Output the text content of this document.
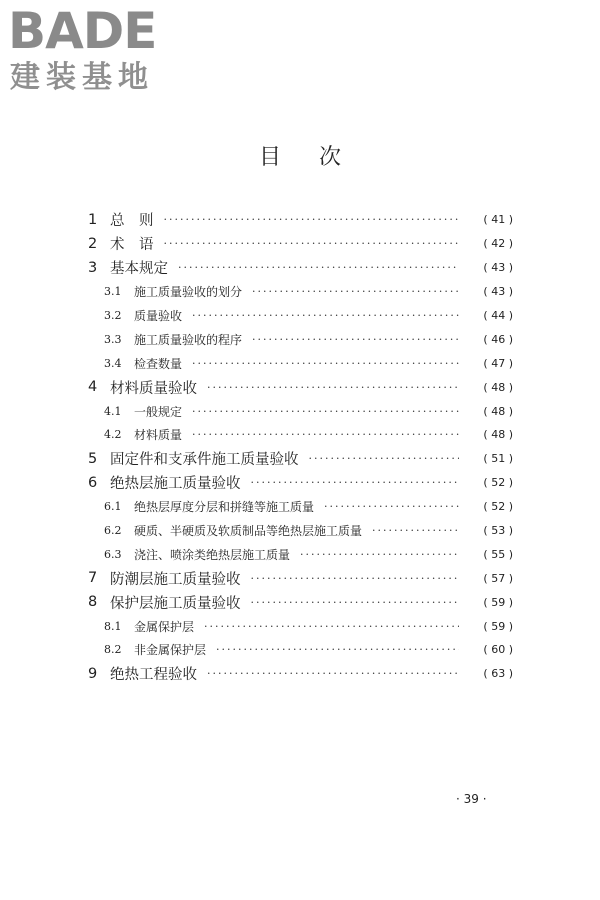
BADE
建装基地
目次
1 总　则 ·····	( 41 )
2 术　语 ·····	( 42 )
3 基本规定 ·····	( 43 )
3.1 施工质量验收的划分 ·····	( 43 )
3.2 质量验收 ·····	( 44 )
3.3 施工质量验收的程序 ·····	( 46 )
3.4 检查数量 ·····	( 47 )
4 材料质量验收 ·····	( 48 )
4.1 一般规定 ·····	( 48 )
4.2 材料质量 ·····	( 48 )
5 固定件和支承件施工质量验收 ·····	( 51 )
6 绝热层施工质量验收 ·····	( 52 )
6.1 绝热层厚度分层和拼缝等施工质量 ·····	( 52 )
6.2 硬质、半硬质及软质制品等绝热层施工质量 ·····	( 53 )
6.3 浇注、喷涂类绝热层施工质量 ·····	( 55 )
7 防潮层施工质量验收 ·····	( 57 )
8 保护层施工质量验收 ·····	( 59 )
8.1 金属保护层 ·····	( 59 )
8.2 非金属保护层 ·····	( 60 )
9 绝热工程验收 ·····	( 63 )
· 39 ·
